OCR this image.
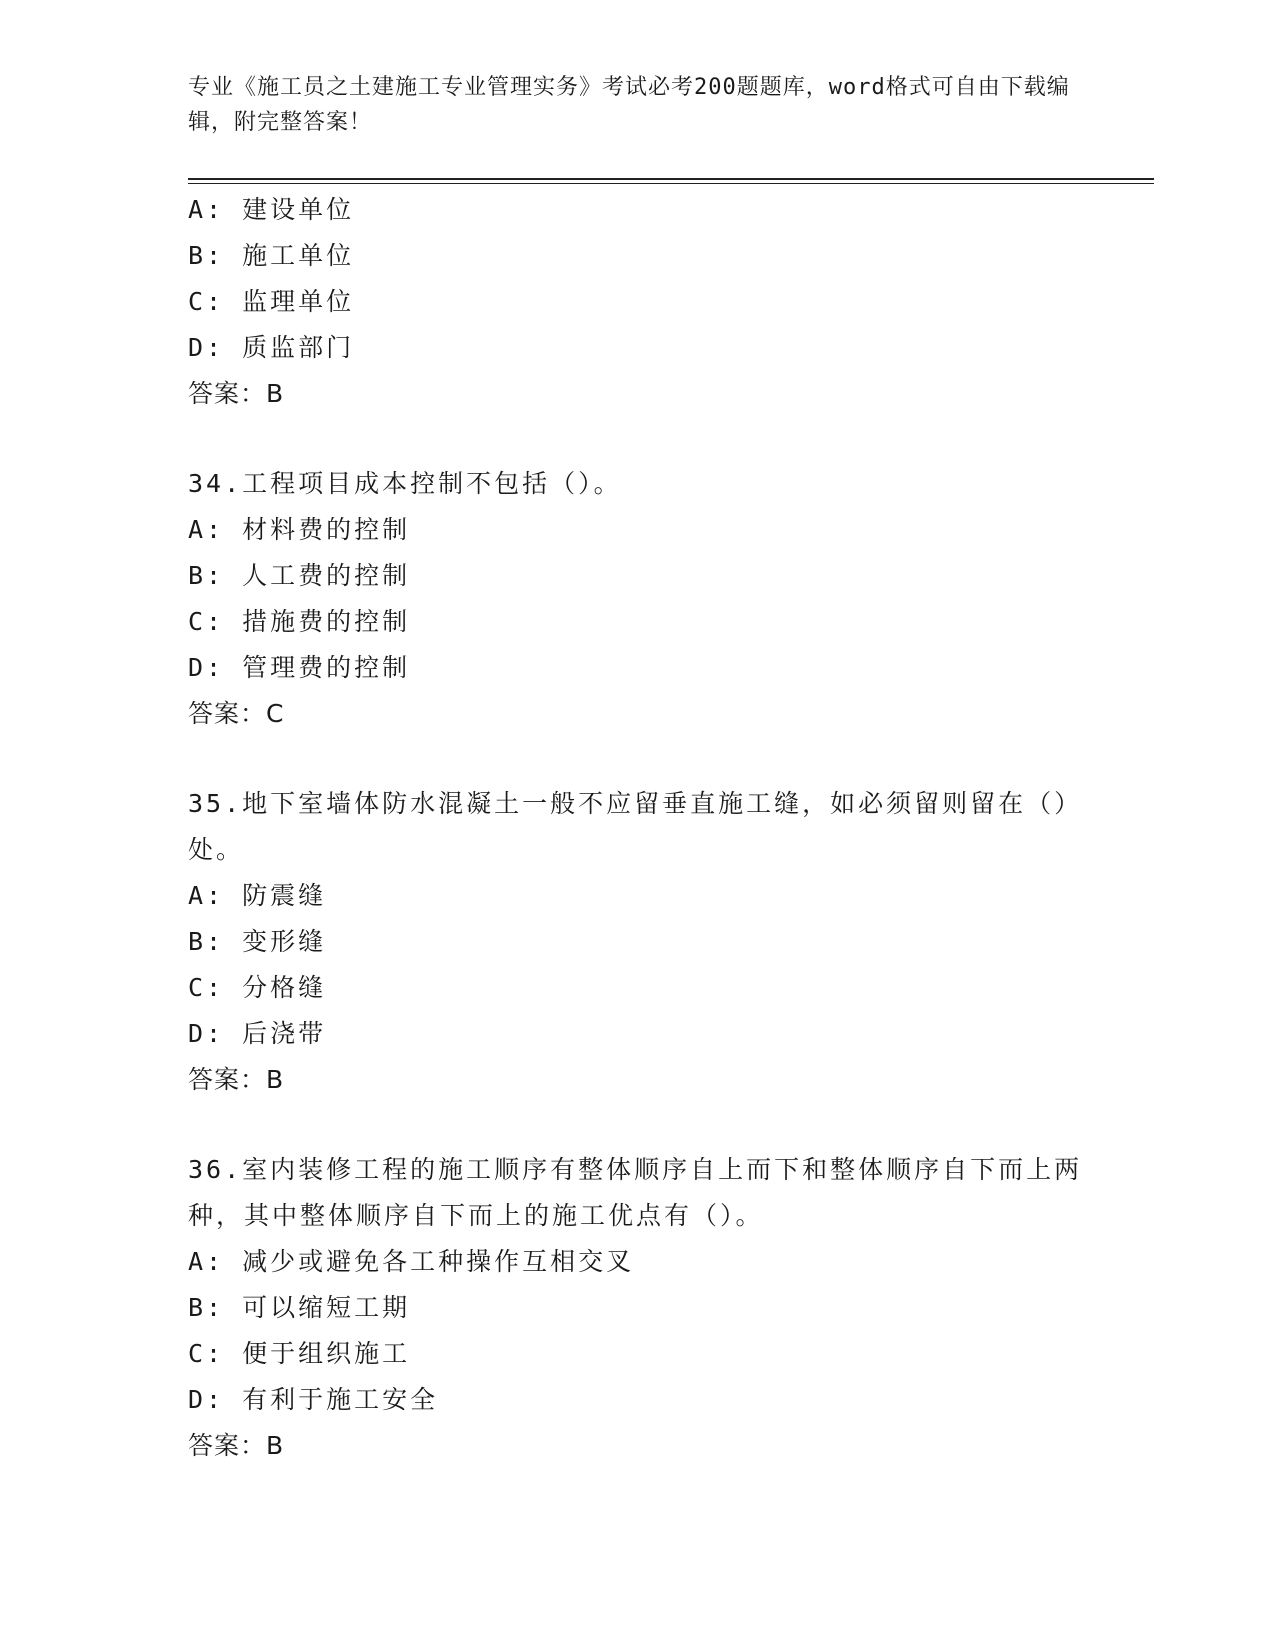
专业《施工员之土建施工专业管理实务》考试必考200题题库，word格式可自由下载编辑，附完整答案！
A: 建设单位
B: 施工单位
C: 监理单位
D: 质监部门
答案：B
34.工程项目成本控制不包括（）。
A: 材料费的控制
B: 人工费的控制
C: 措施费的控制
D: 管理费的控制
答案：C
35.地下室墙体防水混凝土一般不应留垂直施工缝，如必须留则留在（）处。
A: 防震缝
B: 变形缝
C: 分格缝
D: 后浇带
答案：B
36.室内装修工程的施工顺序有整体顺序自上而下和整体顺序自下而上两种，其中整体顺序自下而上的施工优点有（）。
A: 减少或避免各工种操作互相交叉
B: 可以缩短工期
C: 便于组织施工
D: 有利于施工安全
答案：B
